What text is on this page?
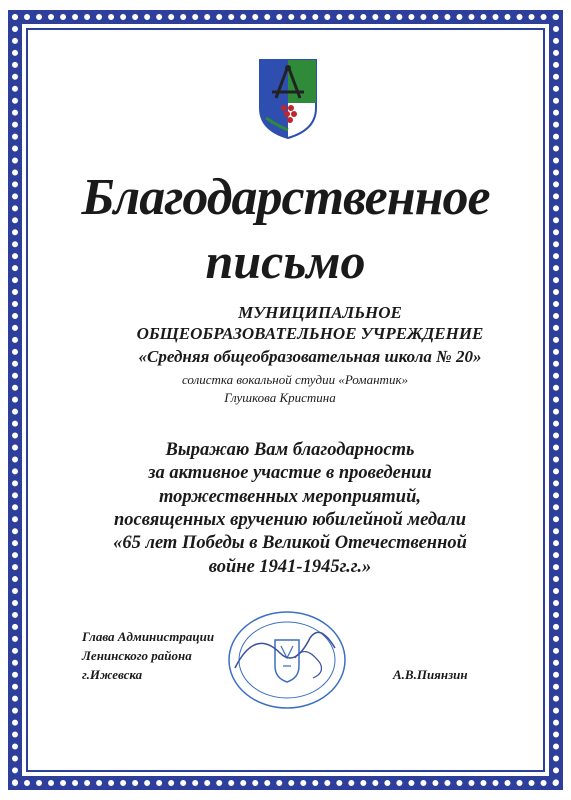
Благодарственное
письмо
МУНИЦИПАЛЬНОЕ
ОБЩЕОБРАЗОВАТЕЛЬНОЕ УЧРЕЖДЕНИЕ
«Средняя общеобразовательная школа № 20»
солистка вокальной студии «Романтик»
Глушкова Кристина
Выражаю Вам благодарность
за активное участие в проведении
торжественных мероприятий,
посвященных вручению юбилейной медали
«65 лет Победы в Великой Отечественной
войне 1941-1945г.г.»
Глава Администрации
Ленинского района
г.Ижевска	А.В.Пиянзин
